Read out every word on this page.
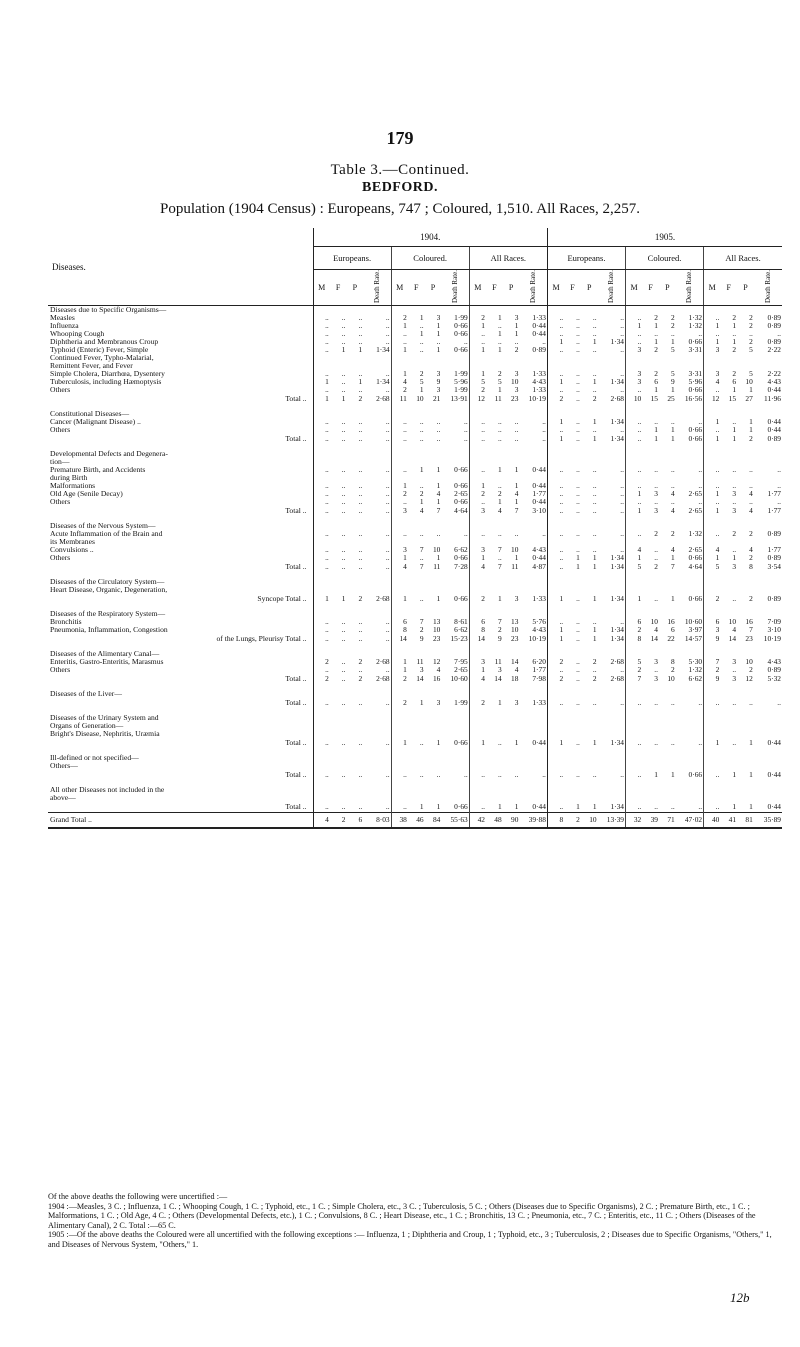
179
Table 3.—Continued.
BEDFORD.
Population (1904 Census) : Europeans, 747 ; Coloured, 1,510. All Races, 2,257.
Diseases.	1904.												1905.											
	Europeans.				Coloured.				All Races.				Europeans.				Coloured.				All Races.			
	M	F	P	Death Rate.	M	F	P	Death Rate.	M	F	P	Death Rate.	M	F	P	Death Rate.	M	F	P	Death Rate.	M	F	P	Death Rate.
Diseases due to Specific Organisms—																								
Measles	..	..	..	..	2	1	3	1·99	2	1	3	1·33	..	..	..	..	..	2	2	1·32	..	2	2	0·89
Influenza	..	..	..	..	1	..	1	0·66	1	..	1	0·44	..	..	..	..	1	1	2	1·32	1	1	2	0·89
Whooping Cough	..	..	..	..	..	1	1	0·66	..	1	1	0·44	..	..	..	..	..	..	..	..	..	..	..	..
Diphtheria and Membranous Croup	..	..	..	..	..	..	..	..	..	..	..	..	1	..	1	1·34	..	1	1	0·66	1	1	2	0·89
Typhoid (Enteric) Fever, Simple	..	1	1	1·34	1	..	1	0·66	1	1	2	0·89	..	..	..	..	3	2	5	3·31	3	2	5	2·22
Continued Fever, Typho-Malarial,																								
Remittent Fever, and Fever																								
Simple Cholera, Diarrhœa, Dysentery	..	..	..	..	1	2	3	1·99	1	2	3	1·33	..	..	..	..	3	2	5	3·31	3	2	5	2·22
Tuberculosis, including Hæmoptysis	1	..	1	1·34	4	5	9	5·96	5	5	10	4·43	1	..	1	1·34	3	6	9	5·96	4	6	10	4·43
Others	..	..	..	..	2	1	3	1·99	2	1	3	1·33	..	..	..	..	..	1	1	0·66	..	1	1	0·44
Total ..	1	1	2	2·68	11	10	21	13·91	12	11	23	10·19	2	..	2	2·68	10	15	25	16·56	12	15	27	11·96

Constitutional Diseases—																								
Cancer (Malignant Disease) ..	..	..	..	..	..	..	..	..	..	..	..	..	1	..	1	1·34	..	..	..	..	1	..	1	0·44
Others	..	..	..	..	..	..	..	..	..	..	..	..	..	..	..	..	..	1	1	0·66	..	1	1	0·44
Total ..	..	..	..	..	..	..	..	..	..	..	..	..	1	..	1	1·34	..	1	1	0·66	1	1	2	0·89

Developmental Defects and Degenera-																								
tion—																								
Premature Birth, and Accidents	..	..	..	..	..	1	1	0·66	..	1	1	0·44	..	..	..	..	..	..	..	..	..	..	..	..
during Birth																								
Malformations	..	..	..	..	1	..	1	0·66	1	..	1	0·44	..	..	..	..	..	..	..	..	..	..	..	..
Old Age (Senile Decay)	..	..	..	..	2	2	4	2·65	2	2	4	1·77	..	..	..	..	1	3	4	2·65	1	3	4	1·77
Others	..	..	..	..	..	1	1	0·66	..	1	1	0·44	..	..	..	..	..	..	..	..	..	..	..	..
Total ..	..	..	..	..	3	4	7	4·64	3	4	7	3·10	..	..	..	..	1	3	4	2·65	1	3	4	1·77

Diseases of the Nervous System—																								
Acute Inflammation of the Brain and	..	..	..	..	..	..	..	..	..	..	..	..	..	..	..	..	..	2	2	1·32	..	2	2	0·89
its Membranes																								
Convulsions ..	..	..	..	..	3	7	10	6·62	3	7	10	4·43	..	..	..	..	4	..	4	2·65	4	..	4	1·77
Others	..	..	..	..	1	..	1	0·66	1	..	1	0·44	..	1	1	1·34	1	..	1	0·66	1	1	2	0·89
Total ..	..	..	..	..	4	7	11	7·28	4	7	11	4·87	..	1	1	1·34	5	2	7	4·64	5	3	8	3·54

Diseases of the Circulatory System—																								
Heart Disease, Organic, Degeneration,																								
Syncope Total ..	1	1	2	2·68	1	..	1	0·66	2	1	3	1·33	1	..	1	1·34	1	..	1	0·66	2	..	2	0·89

Diseases of the Respiratory System—																								
Bronchitis	..	..	..	..	6	7	13	8·61	6	7	13	5·76	..	..	..	..	6	10	16	10·60	6	10	16	7·09
Pneumonia, Inflammation, Congestion	..	..	..	..	8	2	10	6·62	8	2	10	4·43	1	..	1	1·34	2	4	6	3·97	3	4	7	3·10
of the Lungs, Pleurisy Total ..	..	..	..	..	14	9	23	15·23	14	9	23	10·19	1	..	1	1·34	8	14	22	14·57	9	14	23	10·19

Diseases of the Alimentary Canal—																								
Enteritis, Gastro-Enteritis, Marasmus	2	..	2	2·68	1	11	12	7·95	3	11	14	6·20	2	..	2	2·68	5	3	8	5·30	7	3	10	4·43
Others	..	..	..	..	1	3	4	2·65	1	3	4	1·77	..	..	..	..	2	..	2	1·32	2	..	2	0·89
Total ..	2	..	2	2·68	2	14	16	10·60	4	14	18	7·98	2	..	2	2·68	7	3	10	6·62	9	3	12	5·32

Diseases of the Liver—																								
Total ..	..	..	..	..	2	1	3	1·99	2	1	3	1·33	..	..	..	..	..	..	..	..	..	..	..	..

Diseases of the Urinary System and																								
Organs of Generation—																								
Bright's Disease, Nephritis, Uræmia																								
Total ..	..	..	..	..	1	..	1	0·66	1	..	1	0·44	1	..	1	1·34	..	..	..	..	1	..	1	0·44

Ill-defined or not specified—																								
Others—																								
Total ..	..	..	..	..	..	..	..	..	..	..	..	..	..	..	..	..	..	1	1	0·66	..	1	1	0·44

All other Diseases not included in the																								
above—																								
Total ..	..	..	..	..	..	1	1	0·66	..	1	1	0·44	..	1	1	1·34	..	..	..	..	..	1	1	0·44
Grand Total ..	4	2	6	8·03	38	46	84	55·63	42	48	90	39·88	8	2	10	13·39	32	39	71	47·02	40	41	81	35·89

Of the above deaths the following were uncertified :—

1904 :—Measles, 3 C. ; Influenza, 1 C. ; Whooping Cough, 1 C. ; Typhoid, etc., 1 C. ; Simple Cholera, etc., 3 C. ; Tuberculosis, 5 C. ; Others (Diseases due to Specific Organisms), 2 C. ; Premature Birth, etc., 1 C. ; Malformations, 1 C. ; Old Age, 4 C. ; Others (Developmental Defects, etc.), 1 C. ; Convulsions, 8 C. ; Heart Disease, etc., 1 C. ; Bronchitis, 13 C. ; Pneumonia, etc., 7 C. ; Enteritis, etc., 11 C. ; Others (Diseases of the Alimentary Canal), 2 C. Total :—65 C.

1905 :—Of the above deaths the Coloured were all uncertified with the following exceptions :— Influenza, 1 ; Diphtheria and Croup, 1 ; Typhoid, etc., 3 ; Tuberculosis, 2 ; Diseases due to Specific Organisms, "Others," 1, and Diseases of Nervous System, "Others," 1.

12b
